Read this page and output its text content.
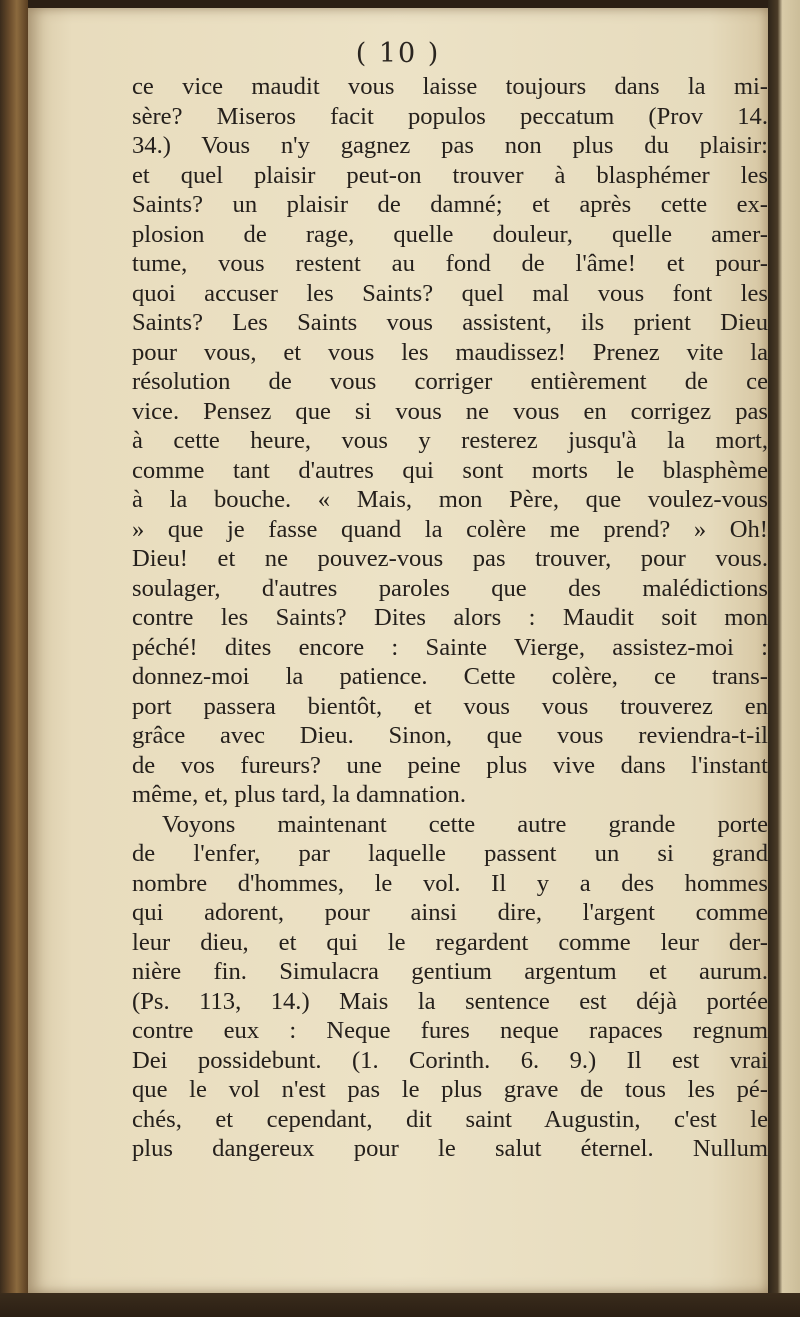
( 10 )
ce vice maudit vous laisse toujours dans la mi-
sère? Miseros facit populos peccatum (Prov 14.
34.) Vous n'y gagnez pas non plus du plaisir:
et quel plaisir peut-on trouver à blasphémer les
Saints? un plaisir de damné; et après cette ex-
plosion de rage, quelle douleur, quelle amer-
tume, vous restent au fond de l'âme! et pour-
quoi accuser les Saints? quel mal vous font les
Saints? Les Saints vous assistent, ils prient Dieu
pour vous, et vous les maudissez! Prenez vite la
résolution de vous corriger entièrement de ce
vice. Pensez que si vous ne vous en corrigez pas
à cette heure, vous y resterez jusqu'à la mort,
comme tant d'autres qui sont morts le blasphème
à la bouche. « Mais, mon Père, que voulez-vous
» que je fasse quand la colère me prend? » Oh!
Dieu! et ne pouvez-vous pas trouver, pour vous.
soulager, d'autres paroles que des malédictions
contre les Saints? Dites alors : Maudit soit mon
péché! dites encore : Sainte Vierge, assistez-moi :
donnez-moi la patience. Cette colère, ce trans-
port passera bientôt, et vous vous trouverez en
grâce avec Dieu. Sinon, que vous reviendra-t-il
de vos fureurs? une peine plus vive dans l'instant
même, et, plus tard, la damnation.
Voyons maintenant cette autre grande porte
de l'enfer, par laquelle passent un si grand
nombre d'hommes, le vol. Il y a des hommes
qui adorent, pour ainsi dire, l'argent comme
leur dieu, et qui le regardent comme leur der-
nière fin. Simulacra gentium argentum et aurum.
(Ps. 113, 14.) Mais la sentence est déjà portée
contre eux : Neque fures neque rapaces regnum
Dei possidebunt. (1. Corinth. 6. 9.) Il est vrai
que le vol n'est pas le plus grave de tous les pé-
chés, et cependant, dit saint Augustin, c'est le
plus dangereux pour le salut éternel. Nullum
